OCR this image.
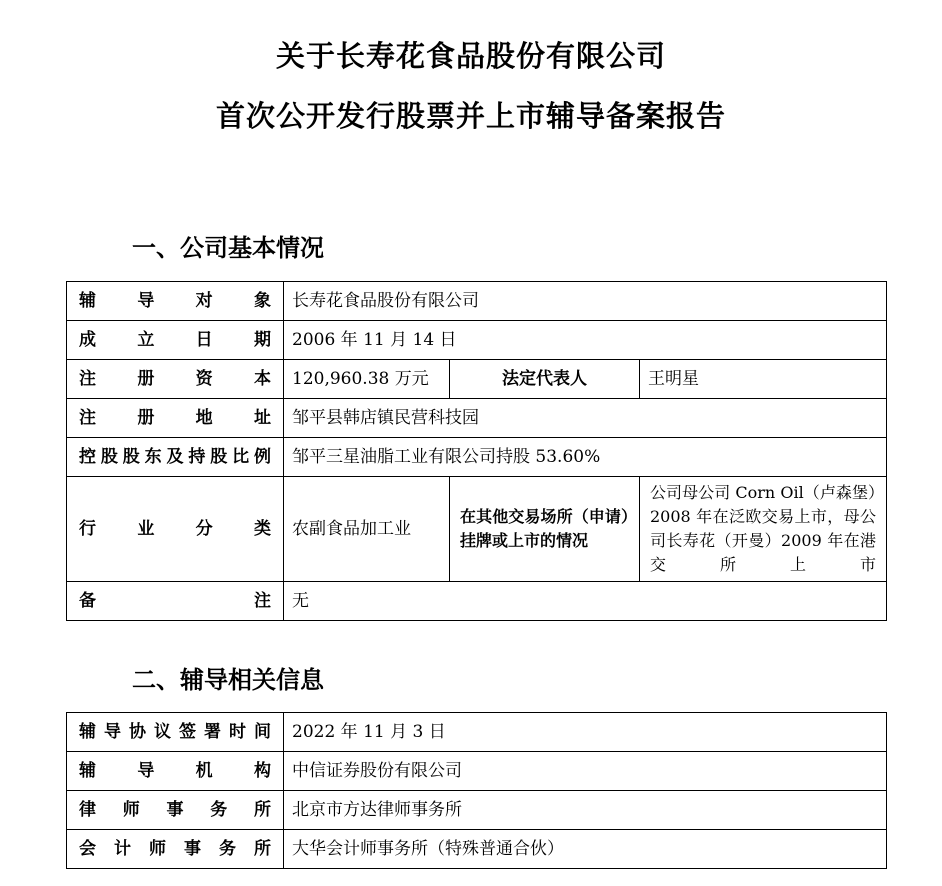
关于长寿花食品股份有限公司
首次公开发行股票并上市辅导备案报告
一、公司基本情况
辅导对象	长寿花食品股份有限公司		
成立日期	2006 年 11 月 14 日		
注册资本	120,960.38 万元	法定代表人	王明星
注册地址	邹平县韩店镇民营科技园		
控股股东及持股比例	邹平三星油脂工业有限公司持股 53.60%		
行业分类	农副食品加工业	在其他交易场所（申请）挂牌或上市的情况	公司母公司 Corn Oil（卢森堡）2008 年在泛欧交易上市，母公司长寿花（开曼）2009 年在港交所上市
备注	无		
二、辅导相关信息
辅导协议签署时间	2022 年 11 月 3 日
辅导机构	中信证券股份有限公司
律师事务所	北京市方达律师事务所
会计师事务所	大华会计师事务所（特殊普通合伙）
